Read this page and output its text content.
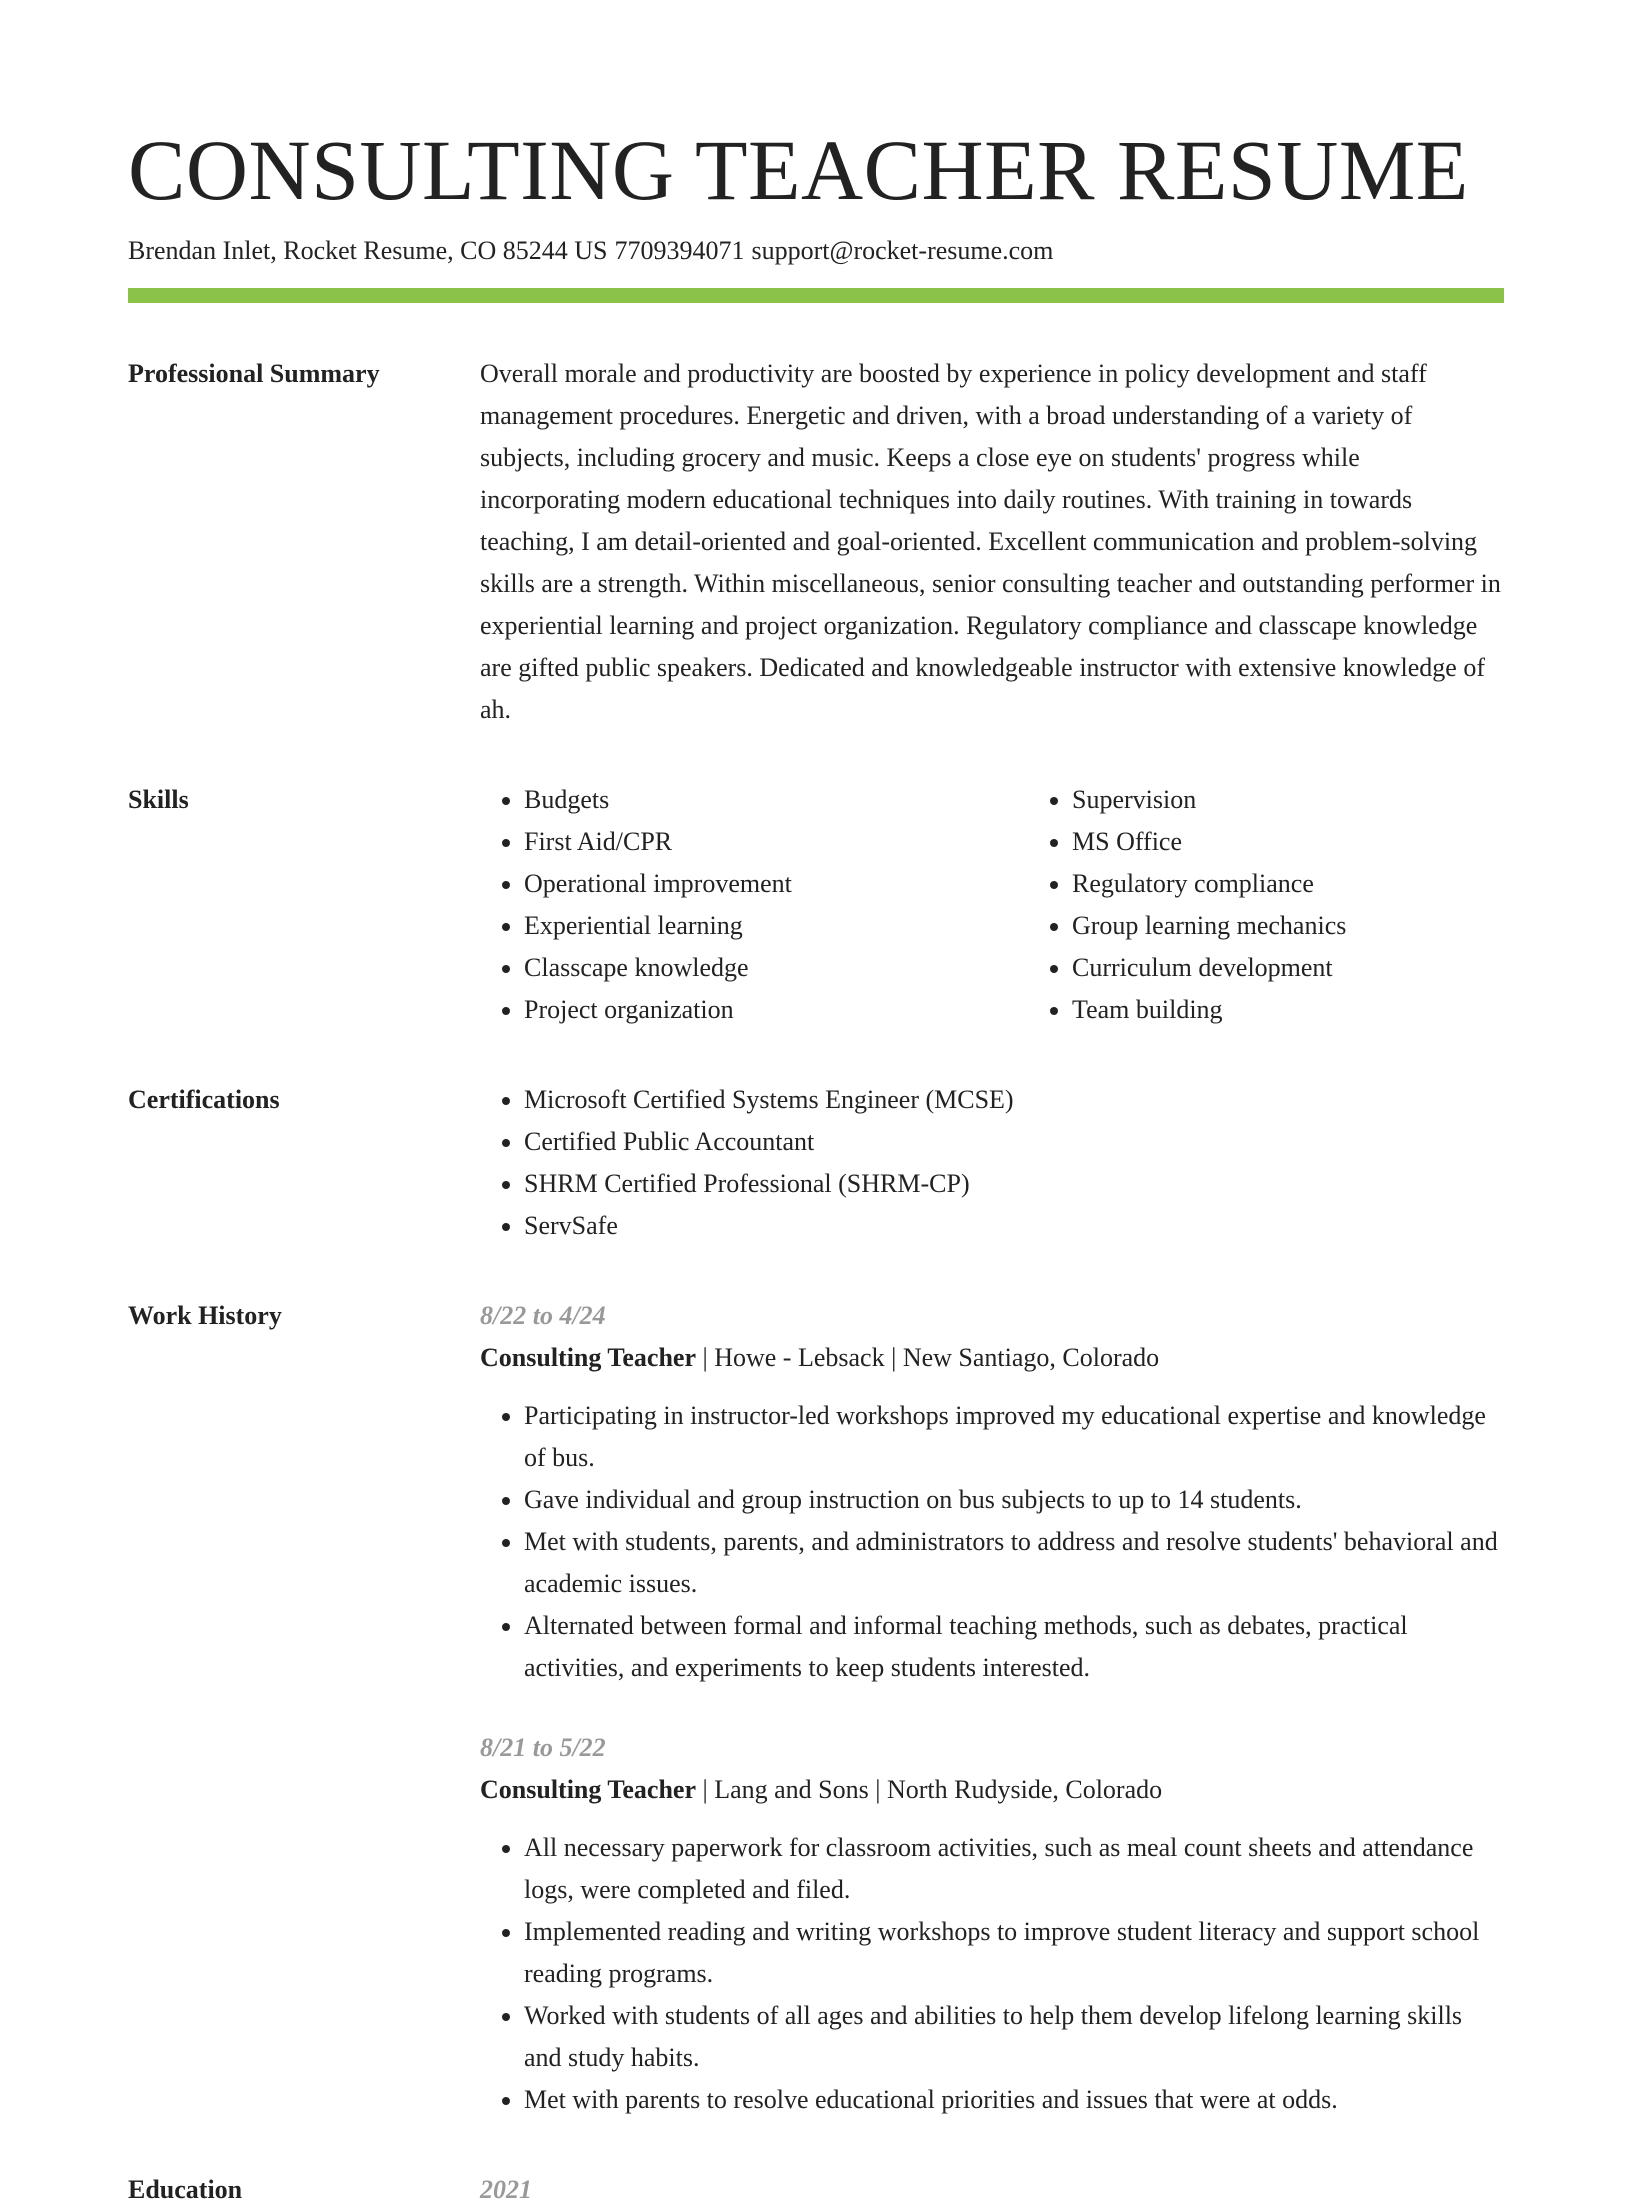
CONSULTING TEACHER RESUME
Brendan Inlet, Rocket Resume, CO 85244 US 7709394071 support@rocket-resume.com
Professional Summary	Overall morale and productivity are boosted by experience in policy development and staff management procedures. Energetic and driven, with a broad understanding of a variety of subjects, including grocery and music. Keeps a close eye on students' progress while incorporating modern educational techniques into daily routines. With training in towards teaching, I am detail-oriented and goal-oriented. Excellent communication and problem-solving skills are a strength. Within miscellaneous, senior consulting teacher and outstanding performer in experiential learning and project organization. Regulatory compliance and classcape knowledge are gifted public speakers. Dedicated and knowledgeable instructor with extensive knowledge of ah.

Skills	• Budgets
• First Aid/CPR
• Operational improvement
• Experiential learning
• Classcape knowledge
• Project organization
• Supervision
• MS Office
• Regulatory compliance
• Group learning mechanics
• Curriculum development
• Team building
Certifications	• Microsoft Certified Systems Engineer (MCSE)
• Certified Public Accountant
• SHRM Certified Professional (SHRM-CP)
• ServSafe
Work History	8/22 to 4/24
Consulting Teacher | Howe - Lebsack | New Santiago, Colorado
• Participating in instructor-led workshops improved my educational expertise and knowledge of bus.
• Gave individual and group instruction on bus subjects to up to 14 students.
• Met with students, parents, and administrators to address and resolve students' behavioral and academic issues.
• Alternated between formal and informal teaching methods, such as debates, practical activities, and experiments to keep students interested.
8/21 to 5/22
Consulting Teacher | Lang and Sons | North Rudyside, Colorado
• All necessary paperwork for classroom activities, such as meal count sheets and attendance logs, were completed and filed.
• Implemented reading and writing workshops to improve student literacy and support school reading programs.
• Worked with students of all ages and abilities to help them develop lifelong learning skills and study habits.
• Met with parents to resolve educational priorities and issues that were at odds.
Education	2021
